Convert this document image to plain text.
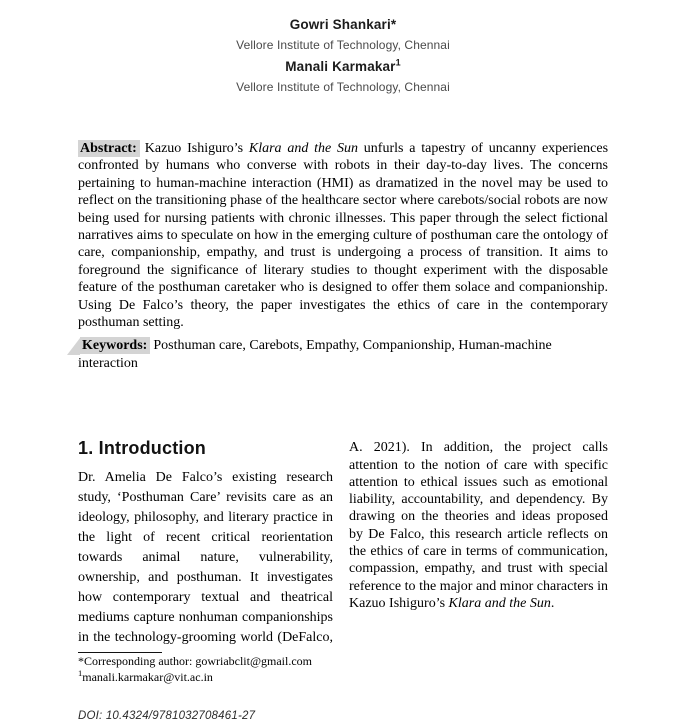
Gowri Shankari*
Vellore Institute of Technology, Chennai
Manali Karmakar$^1$
Vellore Institute of Technology, Chennai

Abstract: Kazuo Ishiguro’s Klara and the Sun unfurls a tapestry of uncanny experiences confronted by humans who converse with robots in their day-to-day lives. The concerns pertaining to human-machine interaction (HMI) as dramatized in the novel may be used to reflect on the transitioning phase of the healthcare sector where carebots/social robots are now being used for nursing patients with chronic illnesses. This paper through the select fictional narratives aims to speculate on how in the emerging culture of posthuman care the ontology of care, companionship, empathy, and trust is undergoing a process of transition. It aims to foreground the significance of literary studies to thought experiment with the disposable feature of the posthuman caretaker who is designed to offer them solace and companionship. Using De Falco’s theory, the paper investigates the ethics of care in the contemporary posthuman setting.

Keywords: Posthuman care, Carebots, Empathy, Companionship, Human-machine interaction

1. Introduction

Dr. Amelia De Falco’s existing research study, ‘Posthuman Care’ revisits care as an ideology, philosophy, and literary practice in the light of recent critical reorientation towards animal nature, vulnerability, ownership, and posthuman. It investigates how contemporary textual and theatrical mediums capture nonhuman companionships in the technology-grooming world (DeFalco,

*Corresponding author: gowriabclit@gmail.com

$^1$manali.karmakar@vit.ac.in

DOI: 10.4324/9781032708461-27

A. 2021). In addition, the project calls attention to the notion of care with specific attention to ethical issues such as emotional liability, accountability, and dependency. By drawing on the theories and ideas proposed by De Falco, this research article reflects on the ethics of care in terms of communication, compassion, empathy, and trust with special reference to the major and minor characters in Kazuo Ishiguro’s Klara and the Sun.
